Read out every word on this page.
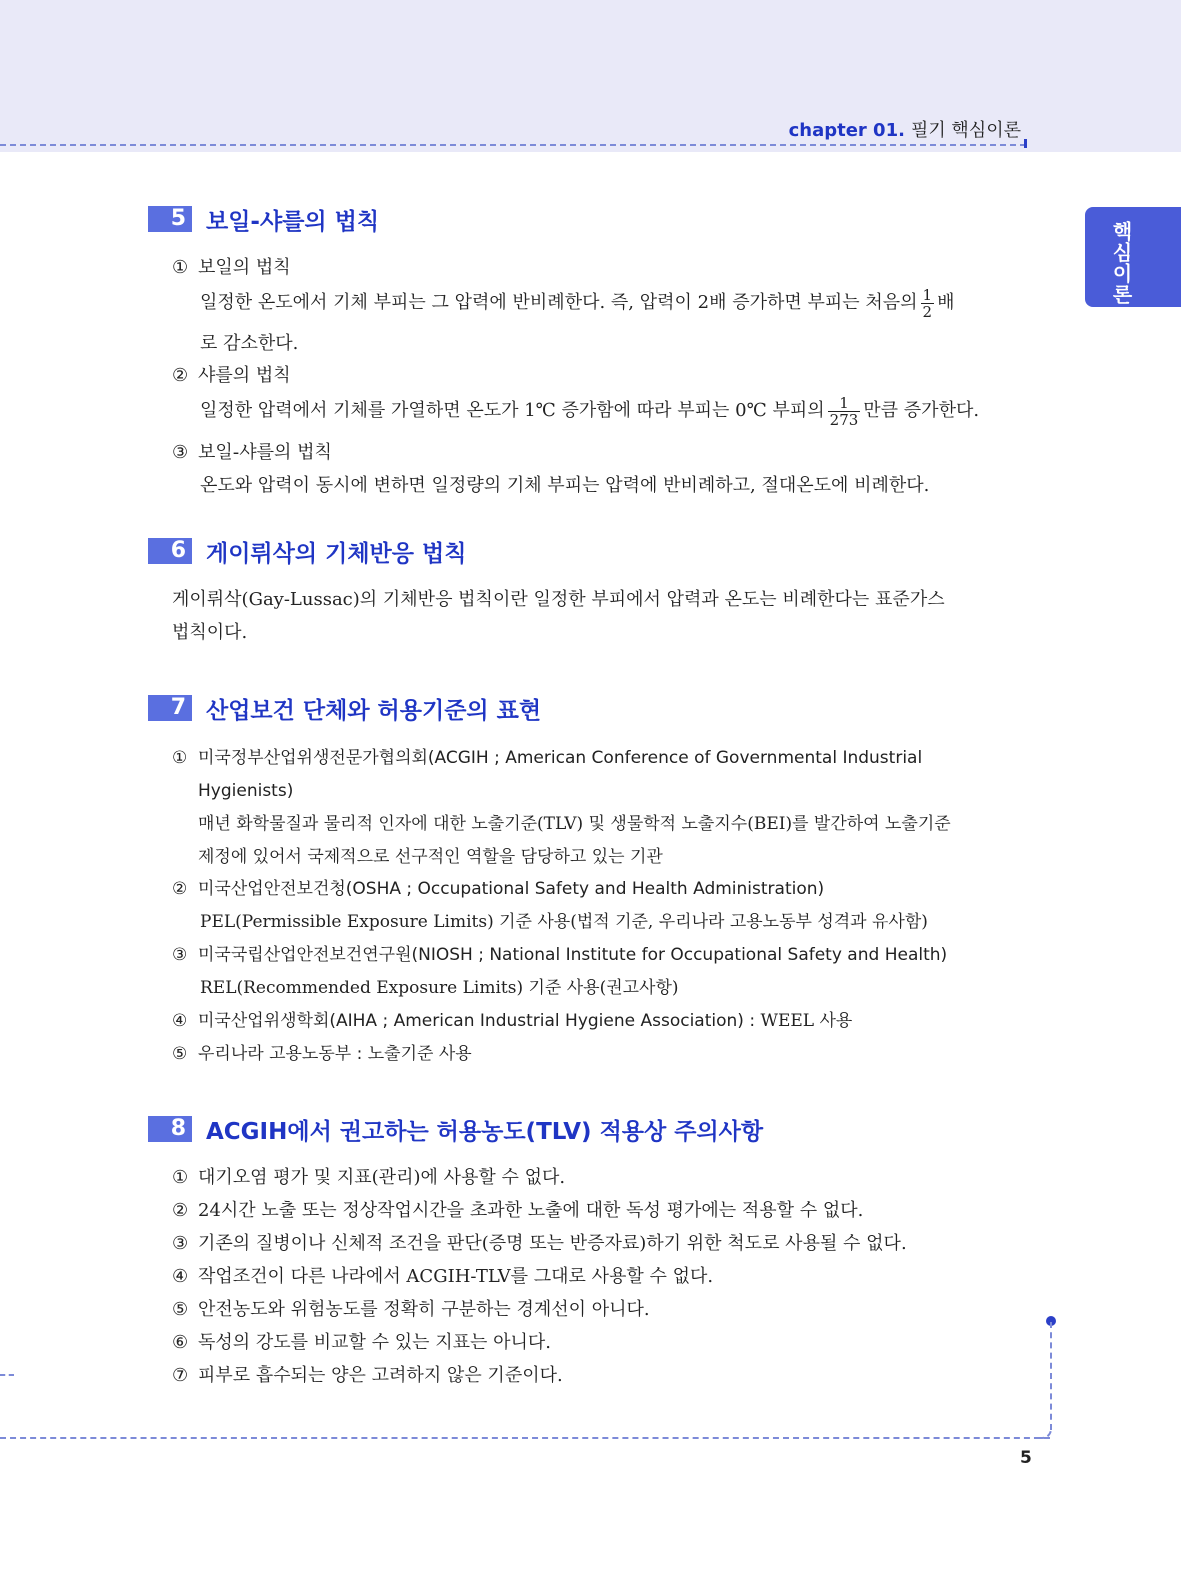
chapter 01. 필기 핵심이론
핵심이론
5 보일-샤를의 법칙
① 보일의 법칙
일정한 온도에서 기체 부피는 그 압력에 반비례한다. 즉, 압력이 2배 증가하면 부피는 처음의 $\frac{1}{2}$ 배
로 감소한다.
② 샤를의 법칙
일정한 압력에서 기체를 가열하면 온도가 1℃ 증가함에 따라 부피는 0℃ 부피의 $\frac{1}{273}$ 만큼 증가한다.
③ 보일-샤를의 법칙
온도와 압력이 동시에 변하면 일정량의 기체 부피는 압력에 반비례하고, 절대온도에 비례한다.
6 게이뤼삭의 기체반응 법칙
게이뤼삭(Gay-Lussac)의 기체반응 법칙이란 일정한 부피에서 압력과 온도는 비례한다는 표준가스
법칙이다.
7 산업보건 단체와 허용기준의 표현
① 미국정부산업위생전문가협의회(ACGIH ; American Conference of Governmental Industrial
Hygienists)
매년 화학물질과 물리적 인자에 대한 노출기준(TLV) 및 생물학적 노출지수(BEI)를 발간하여 노출기준
제정에 있어서 국제적으로 선구적인 역할을 담당하고 있는 기관
② 미국산업안전보건청(OSHA ; Occupational Safety and Health Administration)
PEL(Permissible Exposure Limits) 기준 사용(법적 기준, 우리나라 고용노동부 성격과 유사함)
③ 미국국립산업안전보건연구원(NIOSH ; National Institute for Occupational Safety and Health)
REL(Recommended Exposure Limits) 기준 사용(권고사항)
④ 미국산업위생학회(AIHA ; American Industrial Hygiene Association) : WEEL 사용
⑤ 우리나라 고용노동부 : 노출기준 사용
8 ACGIH에서 권고하는 허용농도(TLV) 적용상 주의사항
① 대기오염 평가 및 지표(관리)에 사용할 수 없다.
② 24시간 노출 또는 정상작업시간을 초과한 노출에 대한 독성 평가에는 적용할 수 없다.
③ 기존의 질병이나 신체적 조건을 판단(증명 또는 반증자료)하기 위한 척도로 사용될 수 없다.
④ 작업조건이 다른 나라에서 ACGIH-TLV를 그대로 사용할 수 없다.
⑤ 안전농도와 위험농도를 정확히 구분하는 경계선이 아니다.
⑥ 독성의 강도를 비교할 수 있는 지표는 아니다.
⑦ 피부로 흡수되는 양은 고려하지 않은 기준이다.
5
